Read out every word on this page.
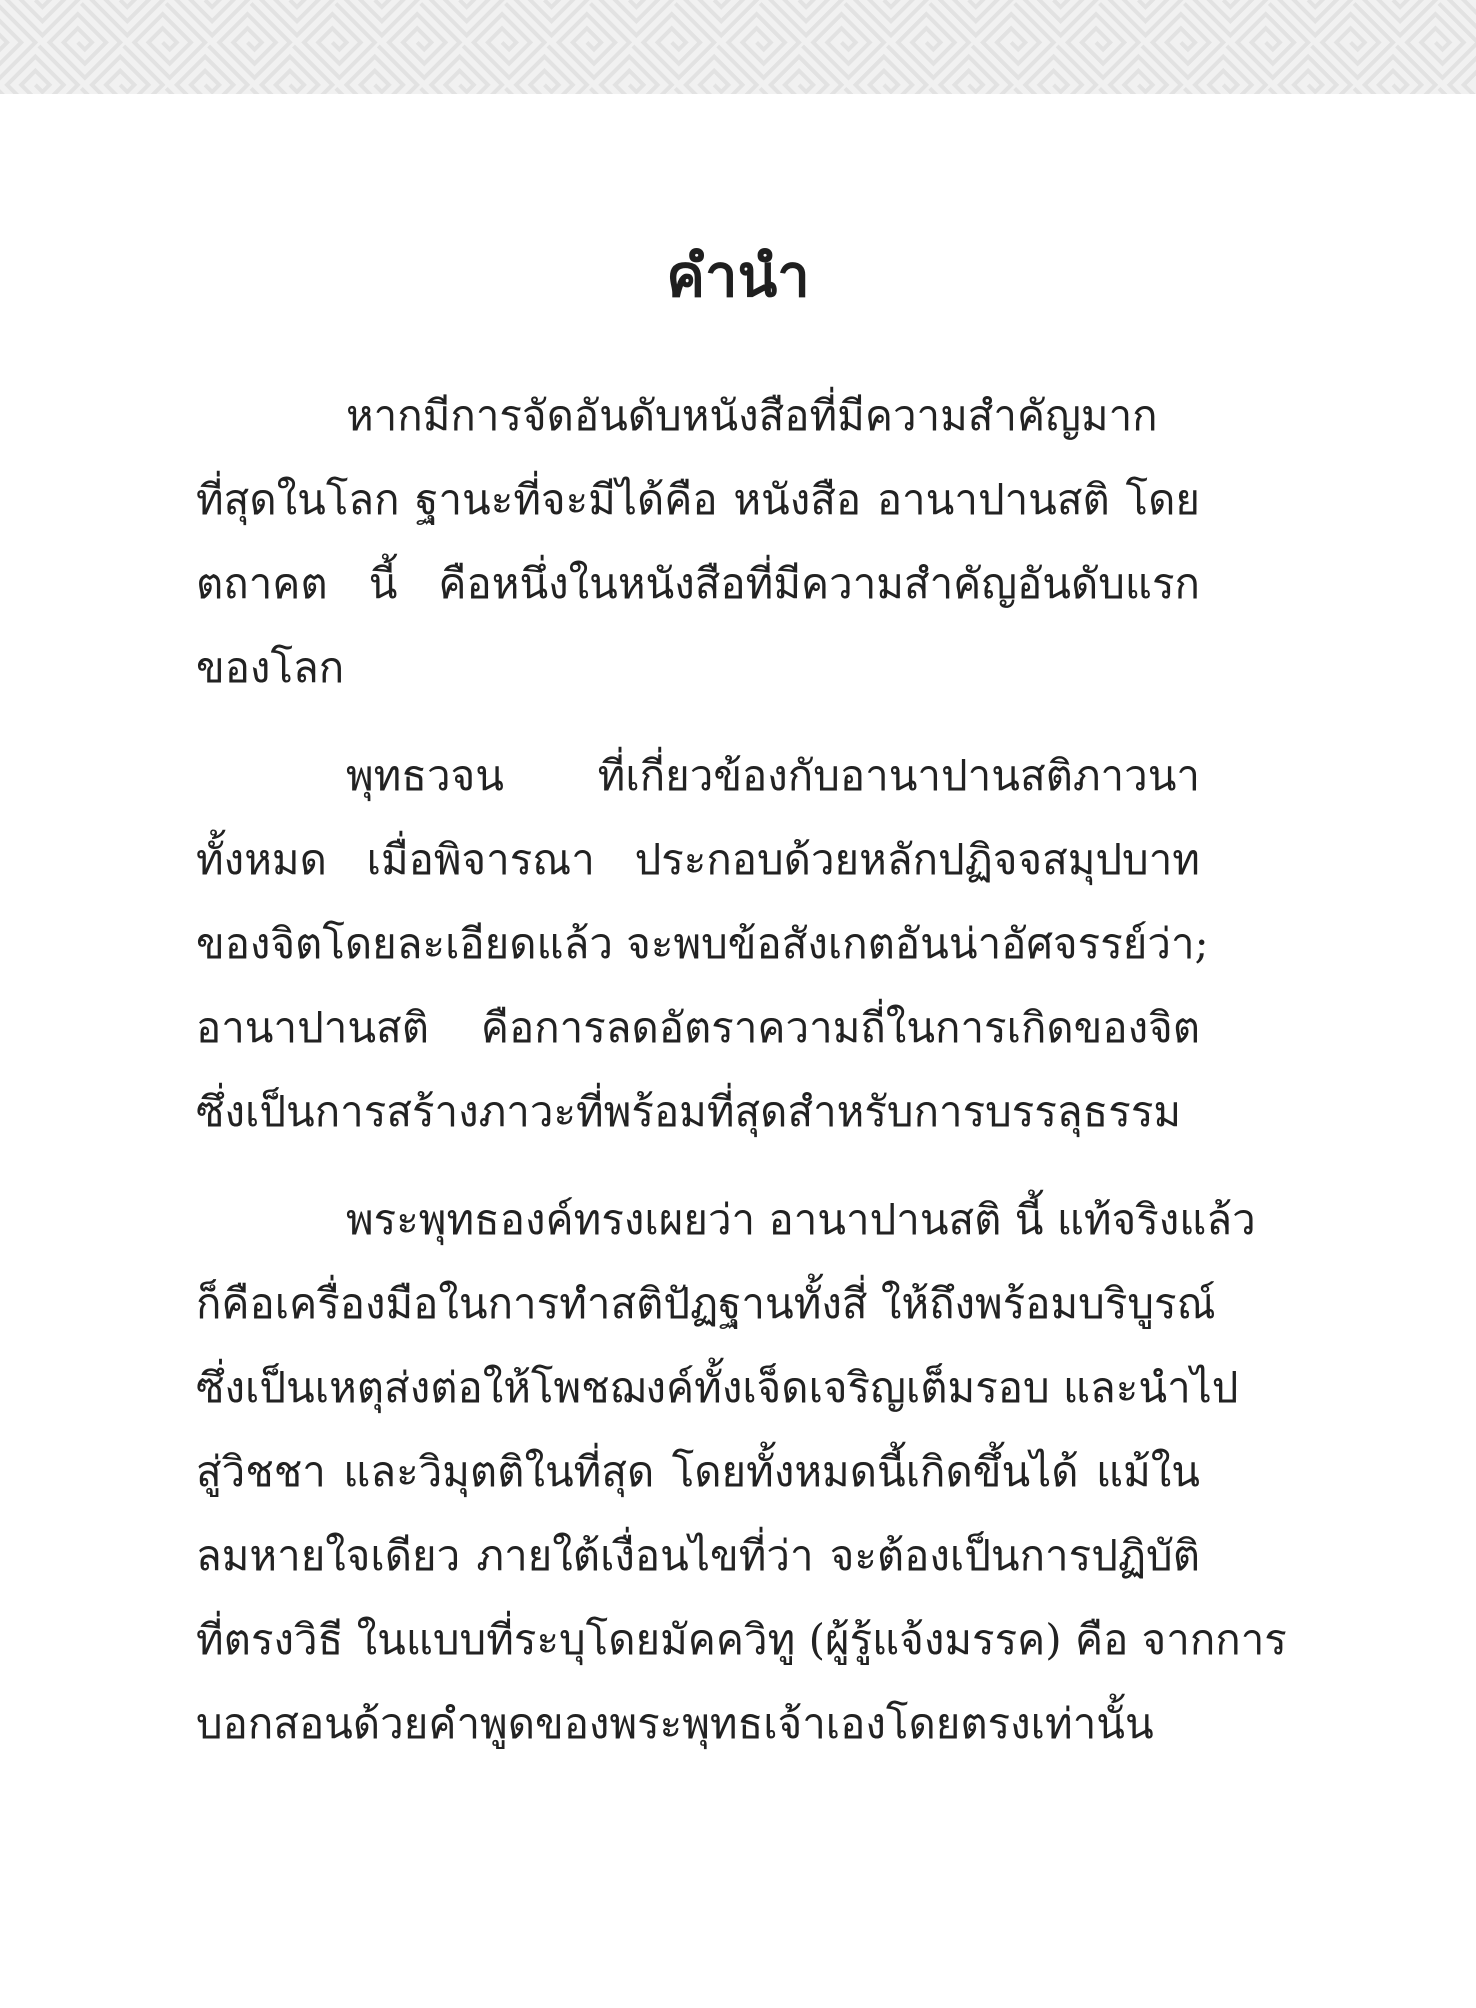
คำนำ
หากมีการจัดอันดับหนังสือที่มีความสำคัญมาก
ที่สุดในโลก ฐานะที่จะมีได้คือ หนังสือ อานาปานสติ โดย
ตถาคต นี้ คือหนึ่งในหนังสือที่มีความสำคัญอันดับแรก
ของโลก
พุทธวจน ที่เกี่ยวข้องกับอานาปานสติภาวนา
ทั้งหมด เมื่อพิจารณา ประกอบด้วยหลักปฏิจจสมุปบาท
ของจิตโดยละเอียดแล้ว จะพบข้อสังเกตอันน่าอัศจรรย์ว่า;
อานาปานสติ คือการลดอัตราความถี่ในการเกิดของจิต
ซึ่งเป็นการสร้างภาวะที่พร้อมที่สุดสำหรับการบรรลุธรรม
พระพุทธองค์ทรงเผยว่า อานาปานสติ นี้ แท้จริงแล้ว
ก็คือเครื่องมือในการทำสติปัฏฐานทั้งสี่ ให้ถึงพร้อมบริบูรณ์
ซึ่งเป็นเหตุส่งต่อให้โพชฌงค์ทั้งเจ็ดเจริญเต็มรอบ และนำไป
สู่วิชชา และวิมุตติในที่สุด โดยทั้งหมดนี้เกิดขึ้นได้ แม้ใน
ลมหายใจเดียว ภายใต้เงื่อนไขที่ว่า จะต้องเป็นการปฏิบัติ
ที่ตรงวิธี ในแบบที่ระบุโดยมัคควิทู (ผู้รู้แจ้งมรรค) คือ จากการ
บอกสอนด้วยคำพูดของพระพุทธเจ้าเองโดยตรงเท่านั้น
